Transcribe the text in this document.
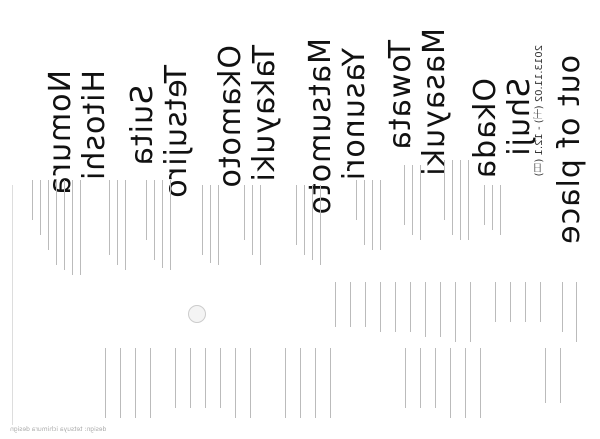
out of place
2013.11.02 (土) - 12.1 (日)
Shuji
Okada
Masayuki
Towata
Yasunori
Matsumoto
Takayuki
Okamoto
Tetsujiro
Suita
Hitoshi
Nomura
design: tetsuya ichimura design
